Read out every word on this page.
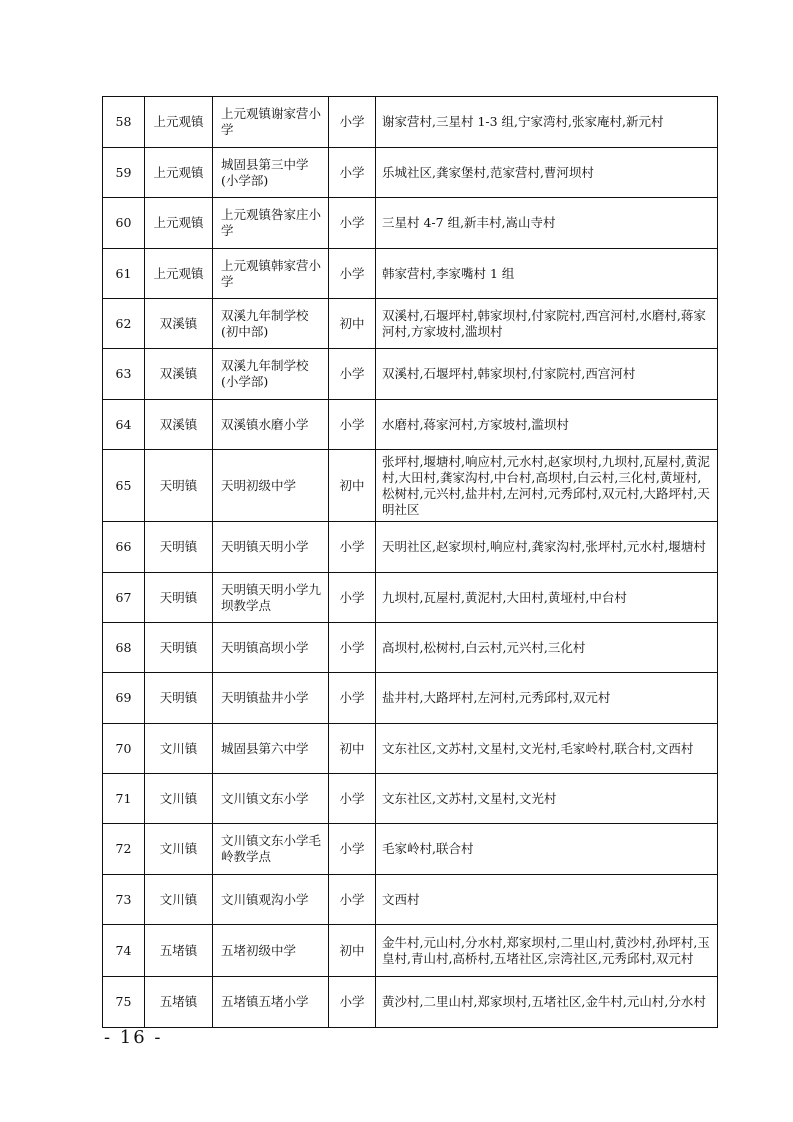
58	上元观镇	上元观镇谢家营小学	小学	谢家营村,三星村 1-3 组,宁家湾村,张家庵村,新元村
59	上元观镇	城固县第三中学(小学部)	小学	乐城社区,龚家堡村,范家营村,曹河坝村
60	上元观镇	上元观镇咎家庄小学	小学	三星村 4-7 组,新丰村,嵩山寺村
61	上元观镇	上元观镇韩家营小学	小学	韩家营村,李家嘴村 1 组
62	双溪镇	双溪九年制学校(初中部)	初中	双溪村,石堰坪村,韩家坝村,付家院村,西宫河村,水磨村,蒋家河村,方家坡村,滥坝村
63	双溪镇	双溪九年制学校(小学部)	小学	双溪村,石堰坪村,韩家坝村,付家院村,西宫河村
64	双溪镇	双溪镇水磨小学	小学	水磨村,蒋家河村,方家坡村,滥坝村
65	天明镇	天明初级中学	初中	张坪村,堰塘村,响应村,元水村,赵家坝村,九坝村,瓦屋村,黄泥村,大田村,龚家沟村,中台村,高坝村,白云村,三化村,黄垭村,松树村,元兴村,盐井村,左河村,元秀邱村,双元村,大路坪村,天明社区
66	天明镇	天明镇天明小学	小学	天明社区,赵家坝村,响应村,龚家沟村,张坪村,元水村,堰塘村
67	天明镇	天明镇天明小学九坝教学点	小学	九坝村,瓦屋村,黄泥村,大田村,黄垭村,中台村
68	天明镇	天明镇高坝小学	小学	高坝村,松树村,白云村,元兴村,三化村
69	天明镇	天明镇盐井小学	小学	盐井村,大路坪村,左河村,元秀邱村,双元村
70	文川镇	城固县第六中学	初中	文东社区,文苏村,文星村,文光村,毛家岭村,联合村,文西村
71	文川镇	文川镇文东小学	小学	文东社区,文苏村,文星村,文光村
72	文川镇	文川镇文东小学毛岭教学点	小学	毛家岭村,联合村
73	文川镇	文川镇观沟小学	小学	文西村
74	五堵镇	五堵初级中学	初中	金牛村,元山村,分水村,郑家坝村,二里山村,黄沙村,孙坪村,玉皇村,青山村,高桥村,五堵社区,宗湾社区,元秀邱村,双元村
75	五堵镇	五堵镇五堵小学	小学	黄沙村,二里山村,郑家坝村,五堵社区,金牛村,元山村,分水村
- 16 -
